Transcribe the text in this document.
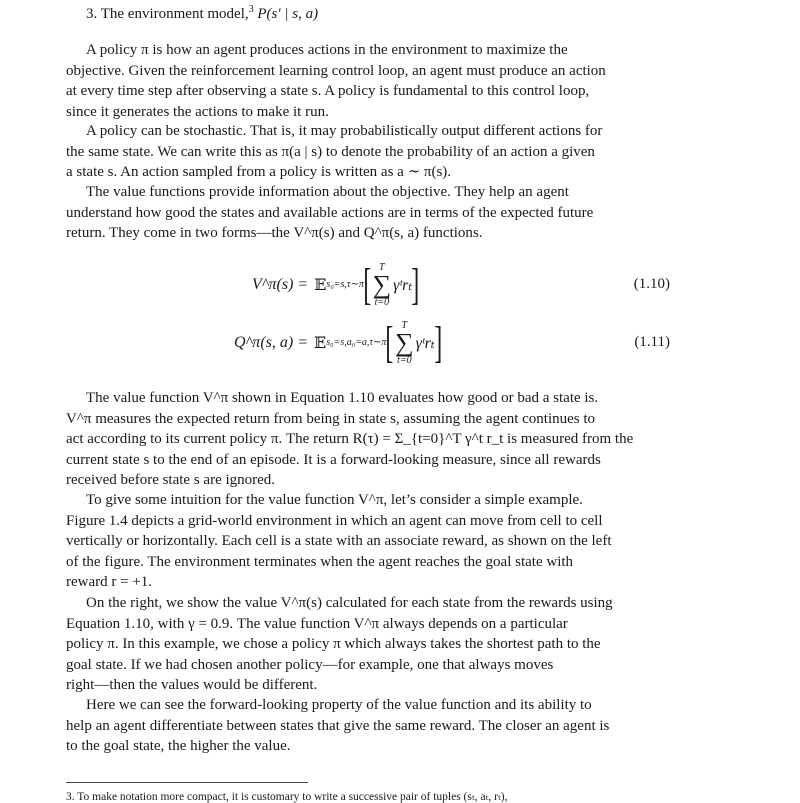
3. The environment model,$^3$ P(s′ | s, a)
A policy π is how an agent produces actions in the environment to maximize the
objective. Given the reinforcement learning control loop, an agent must produce an action
at every time step after observing a state s. A policy is fundamental to this control loop,
since it generates the actions to make it run.
A policy can be stochastic. That is, it may probabilistically output different actions for
the same state. We can write this as π(a | s) to denote the probability of an action a given
a state s. An action sampled from a policy is written as a ∼ π(s).
The value functions provide information about the objective. They help an agent
understand how good the states and available actions are in terms of the expected future
return. They come in two forms—the V^π(s) and Q^π(s, a) functions.
V^π(s) = 𝔼 s₀=s,τ∼π [ T
∑
t=0
γᵗrₜ ]	(1.10)
Q^π(s, a) = 𝔼 s₀=s,a₀=a,τ∼π [ T
∑
t=0
γᵗrₜ ]	(1.11)
The value function V^π shown in Equation 1.10 evaluates how good or bad a state is.
V^π measures the expected return from being in state s, assuming the agent continues to
act according to its current policy π. The return R(τ) = Σ_{t=0}^T γ^t r_t is measured from the
current state s to the end of an episode. It is a forward-looking measure, since all rewards
received before state s are ignored.
To give some intuition for the value function V^π, let’s consider a simple example.
Figure 1.4 depicts a grid-world environment in which an agent can move from cell to cell
vertically or horizontally. Each cell is a state with an associate reward, as shown on the left
of the figure. The environment terminates when the agent reaches the goal state with
reward r = +1.
On the right, we show the value V^π(s) calculated for each state from the rewards using
Equation 1.10, with γ = 0.9. The value function V^π always depends on a particular
policy π. In this example, we chose a policy π which always takes the shortest path to the
goal state. If we had chosen another policy—for example, one that always moves
right—then the values would be different.
Here we can see the forward-looking property of the value function and its ability to
help an agent differentiate between states that give the same reward. The closer an agent is
to the goal state, the higher the value.
3. To make notation more compact, it is customary to write a successive pair of tuples (sₜ, aₜ, rₜ),
